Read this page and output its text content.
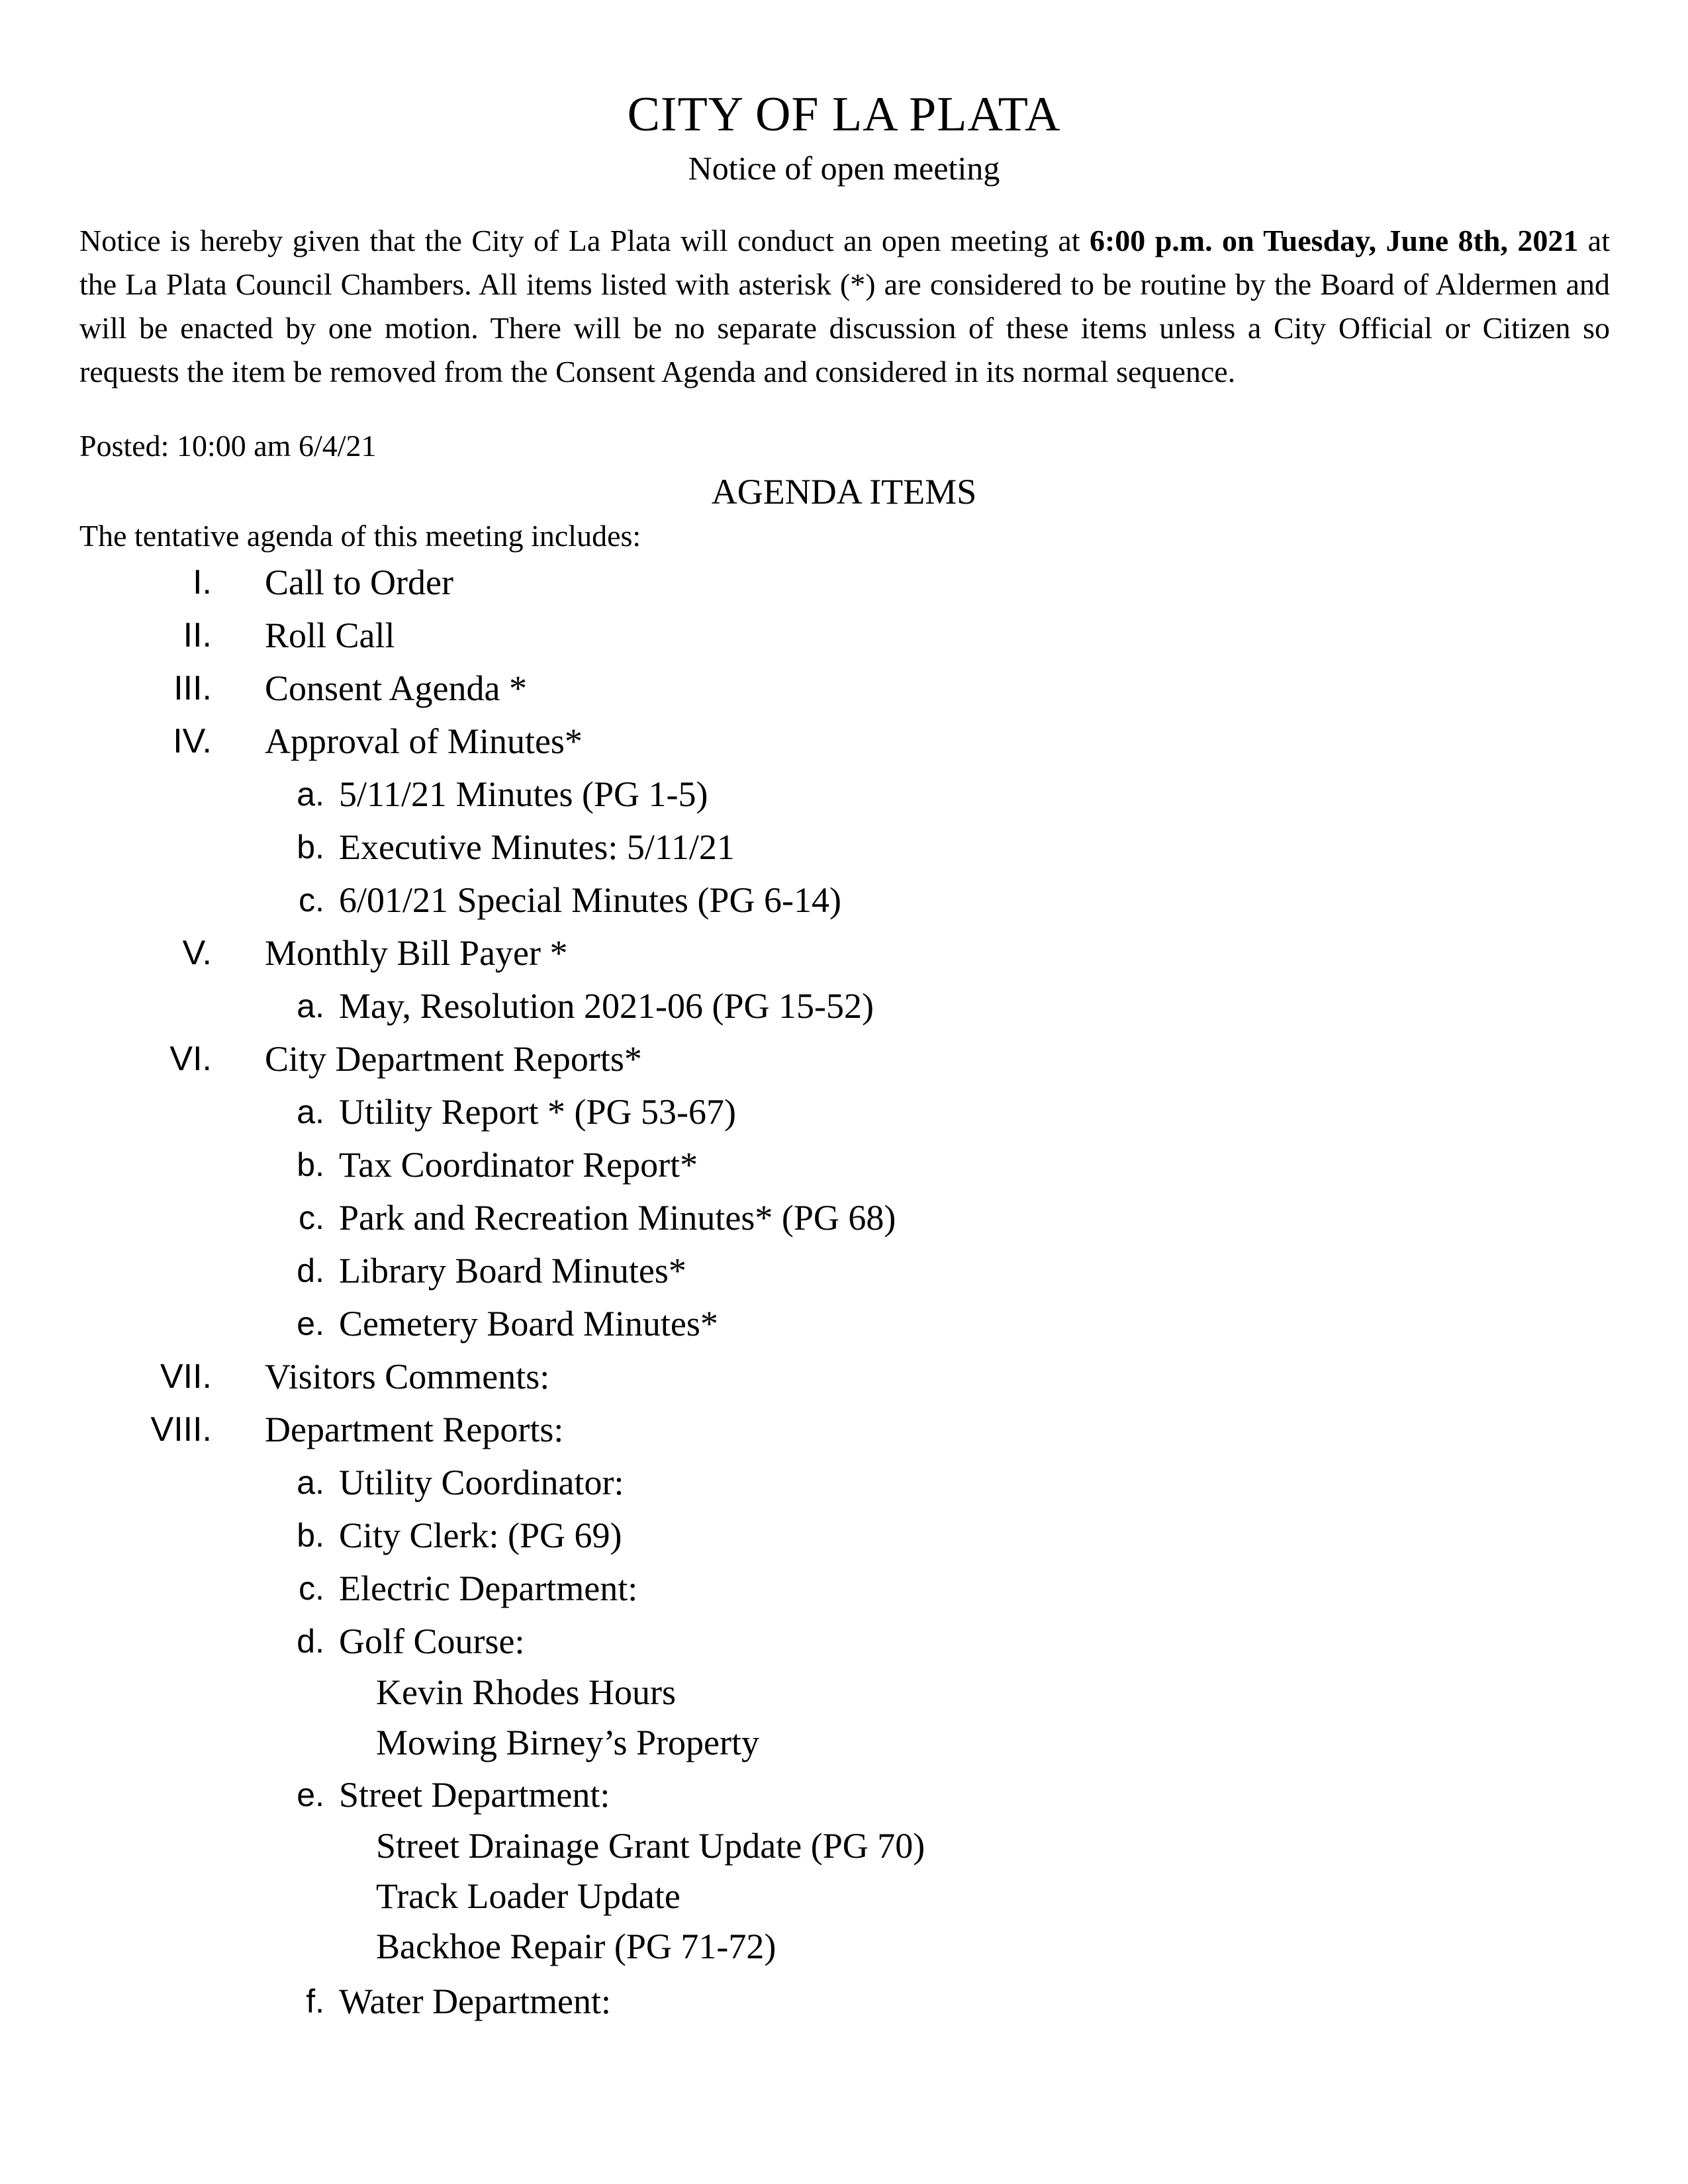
CITY OF LA PLATA
Notice of open meeting
Notice is hereby given that the City of La Plata will conduct an open meeting at 6:00 p.m. on Tuesday, June 8th, 2021 at the La Plata Council Chambers. All items listed with asterisk (*) are considered to be routine by the Board of Aldermen and will be enacted by one motion. There will be no separate discussion of these items unless a City Official or Citizen so requests the item be removed from the Consent Agenda and considered in its normal sequence.
Posted: 10:00 am 6/4/21
AGENDA ITEMS
The tentative agenda of this meeting includes:
I. Call to Order
II. Roll Call
III. Consent Agenda *
IV. Approval of Minutes*
a. 5/11/21 Minutes (PG 1-5)
b. Executive Minutes: 5/11/21
c. 6/01/21 Special Minutes (PG 6-14)
V. Monthly Bill Payer *
a. May, Resolution 2021-06 (PG 15-52)
VI. City Department Reports*
a. Utility Report * (PG 53-67)
b. Tax Coordinator Report*
c. Park and Recreation Minutes* (PG 68)
d. Library Board Minutes*
e. Cemetery Board Minutes*
VII. Visitors Comments:
VIII. Department Reports:
a. Utility Coordinator:
b. City Clerk: (PG 69)
c. Electric Department:
d. Golf Course:
Kevin Rhodes Hours
Mowing Birney’s Property
e. Street Department:
Street Drainage Grant Update (PG 70)
Track Loader Update
Backhoe Repair (PG 71-72)
f. Water Department:
